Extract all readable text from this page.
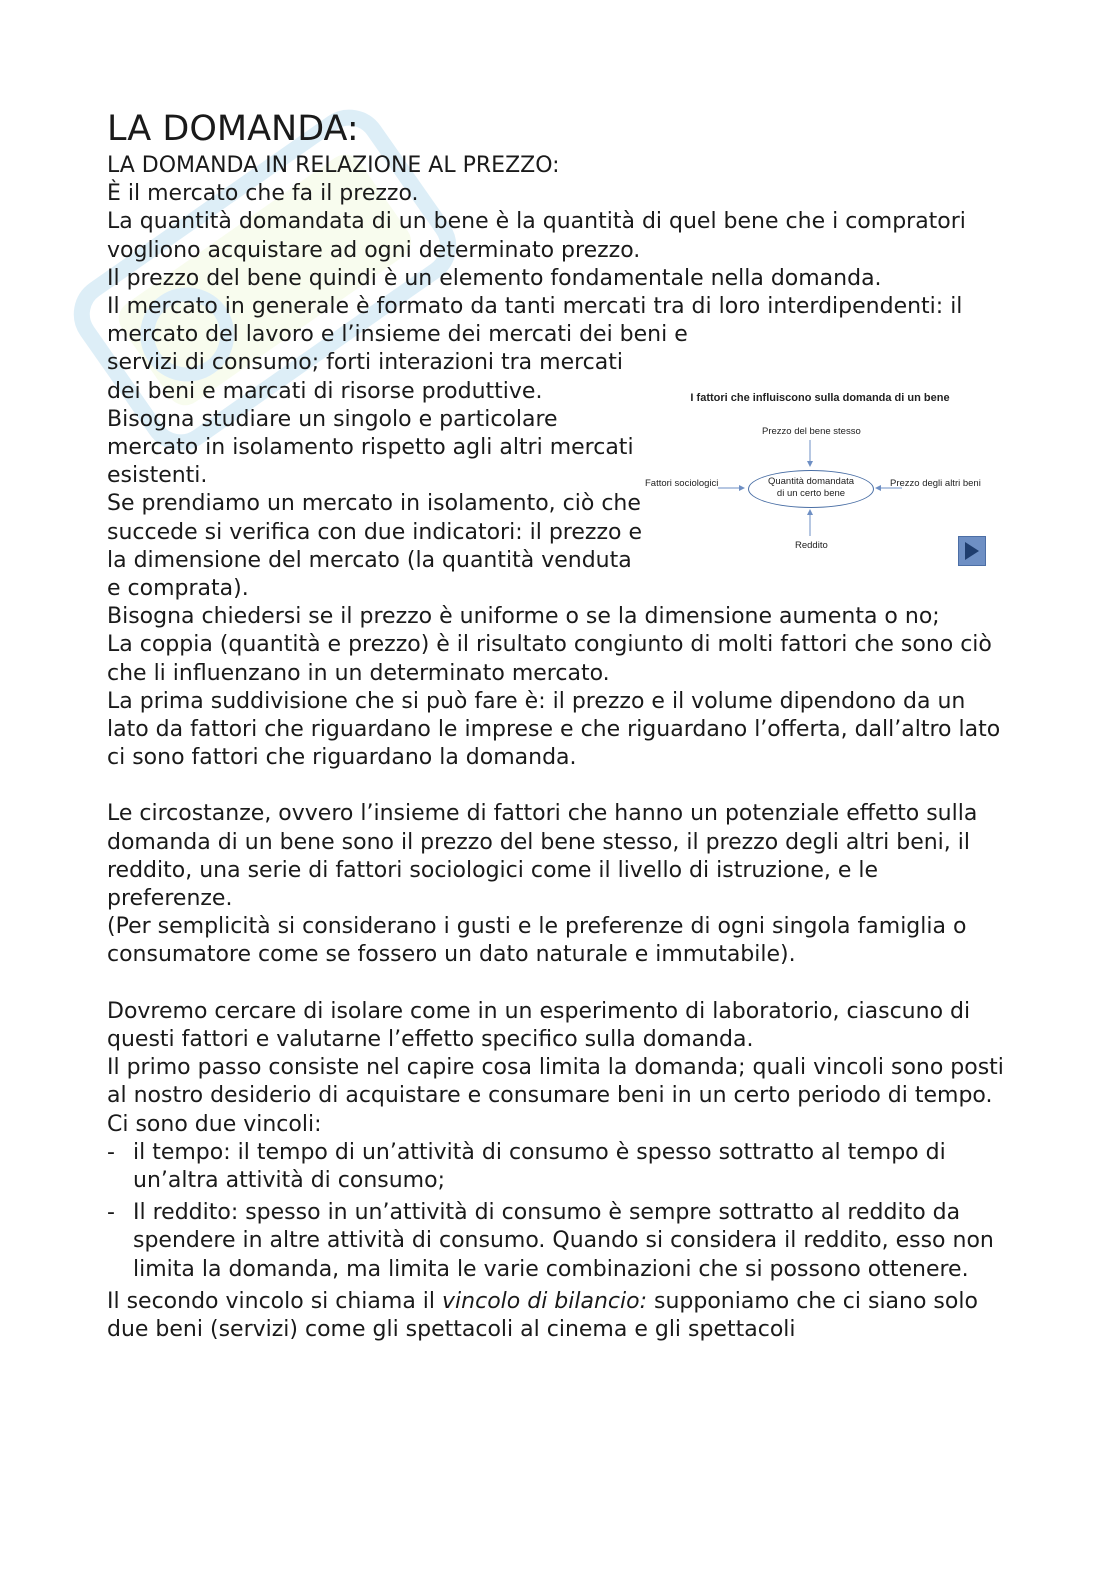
LA DOMANDA:

LA DOMANDA IN RELAZIONE AL PREZZO:

È il mercato che fa il prezzo.

La quantità domandata di un bene è la quantità di quel bene che i compratori vogliono acquistare ad ogni determinato prezzo.

Il prezzo del bene quindi è un elemento fondamentale nella domanda.

Il mercato in generale è formato da tanti mercati tra di loro interdipendenti: il mercato del lavoro e l’insieme dei mercati dei beni e

servizi di consumo; forti interazioni tra mercati dei beni e marcati di risorse produttive.

Bisogna studiare un singolo e particolare mercato in isolamento rispetto agli altri mercati esistenti.

Se prendiamo un mercato in isolamento, ciò che succede si verifica con due indicatori: il prezzo e la dimensione del mercato (la quantità venduta e comprata).

Bisogna chiedersi se il prezzo è uniforme o se la dimensione aumenta o no;

La coppia (quantità e prezzo) è il risultato congiunto di molti fattori che sono ciò che li influenzano in un determinato mercato.

La prima suddivisione che si può fare è: il prezzo e il volume dipendono da un lato da fattori che riguardano le imprese e che riguardano l’offerta, dall’altro lato ci sono fattori che riguardano la domanda.

Le circostanze, ovvero l’insieme di fattori che hanno un potenziale effetto sulla domanda di un bene sono il prezzo del bene stesso, il prezzo degli altri beni, il reddito, una serie di fattori sociologici come il livello di istruzione, e le preferenze.

(Per semplicità si considerano i gusti e le preferenze di ogni singola famiglia o consumatore come se fossero un dato naturale e immutabile).

Dovremo cercare di isolare come in un esperimento di laboratorio, ciascuno di questi fattori e valutarne l’effetto specifico sulla domanda.

Il primo passo consiste nel capire cosa limita la domanda; quali vincoli sono posti al nostro desiderio di acquistare e consumare beni in un certo periodo di tempo.

Ci sono due vincoli:

- il tempo: il tempo di un’attività di consumo è spesso sottratto al tempo di un’altra attività di consumo;
- Il reddito: spesso in un’attività di consumo è sempre sottratto al reddito da spendere in altre attività di consumo. Quando si considera il reddito, esso non limita la domanda, ma limita le varie combinazioni che si possono ottenere.

Il secondo vincolo si chiama il vincolo di bilancio: supponiamo che ci siano solo due beni (servizi) come gli spettacoli al cinema e gli spettacoli

I fattori che influiscono sulla domanda di un bene
Prezzo del bene stesso
Fattori sociologici	Quantità domandata
di un certo bene
Prezzo degli altri beni
Reddito
